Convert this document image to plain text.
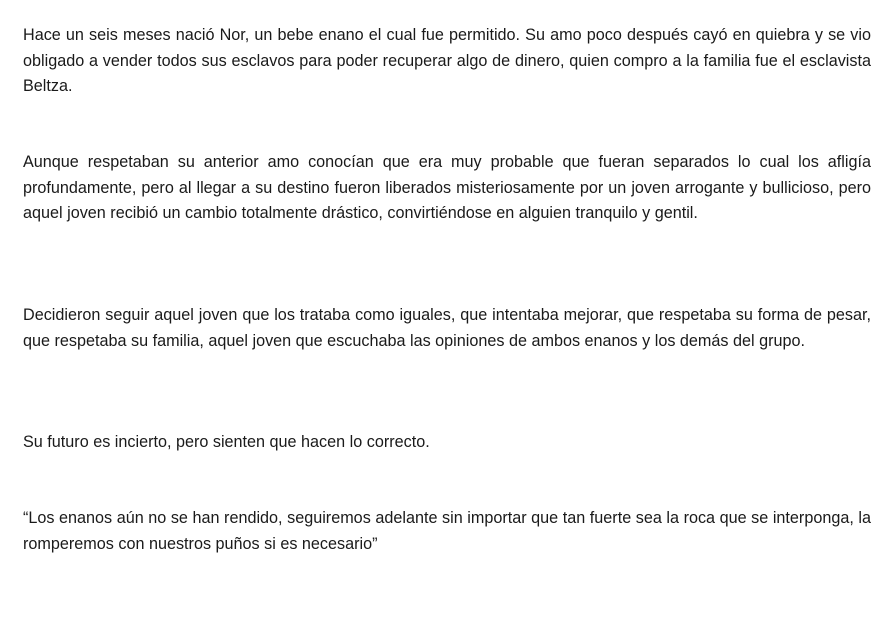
Hace un seis meses nació Nor, un bebe enano el cual fue permitido. Su amo poco después cayó en quiebra y se vio obligado a vender todos sus esclavos para poder recuperar algo de dinero, quien compro a la familia fue el esclavista Beltza.

Aunque respetaban su anterior amo conocían que era muy probable que fueran separados lo cual los afligía profundamente, pero al llegar a su destino fueron liberados misteriosamente por un joven arrogante y bullicioso, pero aquel joven recibió un cambio totalmente drástico, convirtiéndose en alguien tranquilo y gentil.

Decidieron seguir aquel joven que los trataba como iguales, que intentaba mejorar, que respetaba su forma de pesar, que respetaba su familia, aquel joven que escuchaba las opiniones de ambos enanos y los demás del grupo.

Su futuro es incierto, pero sienten que hacen lo correcto.

“Los enanos aún no se han rendido, seguiremos adelante sin importar que tan fuerte sea la roca que se interponga, la romperemos con nuestros puños si es necesario”
